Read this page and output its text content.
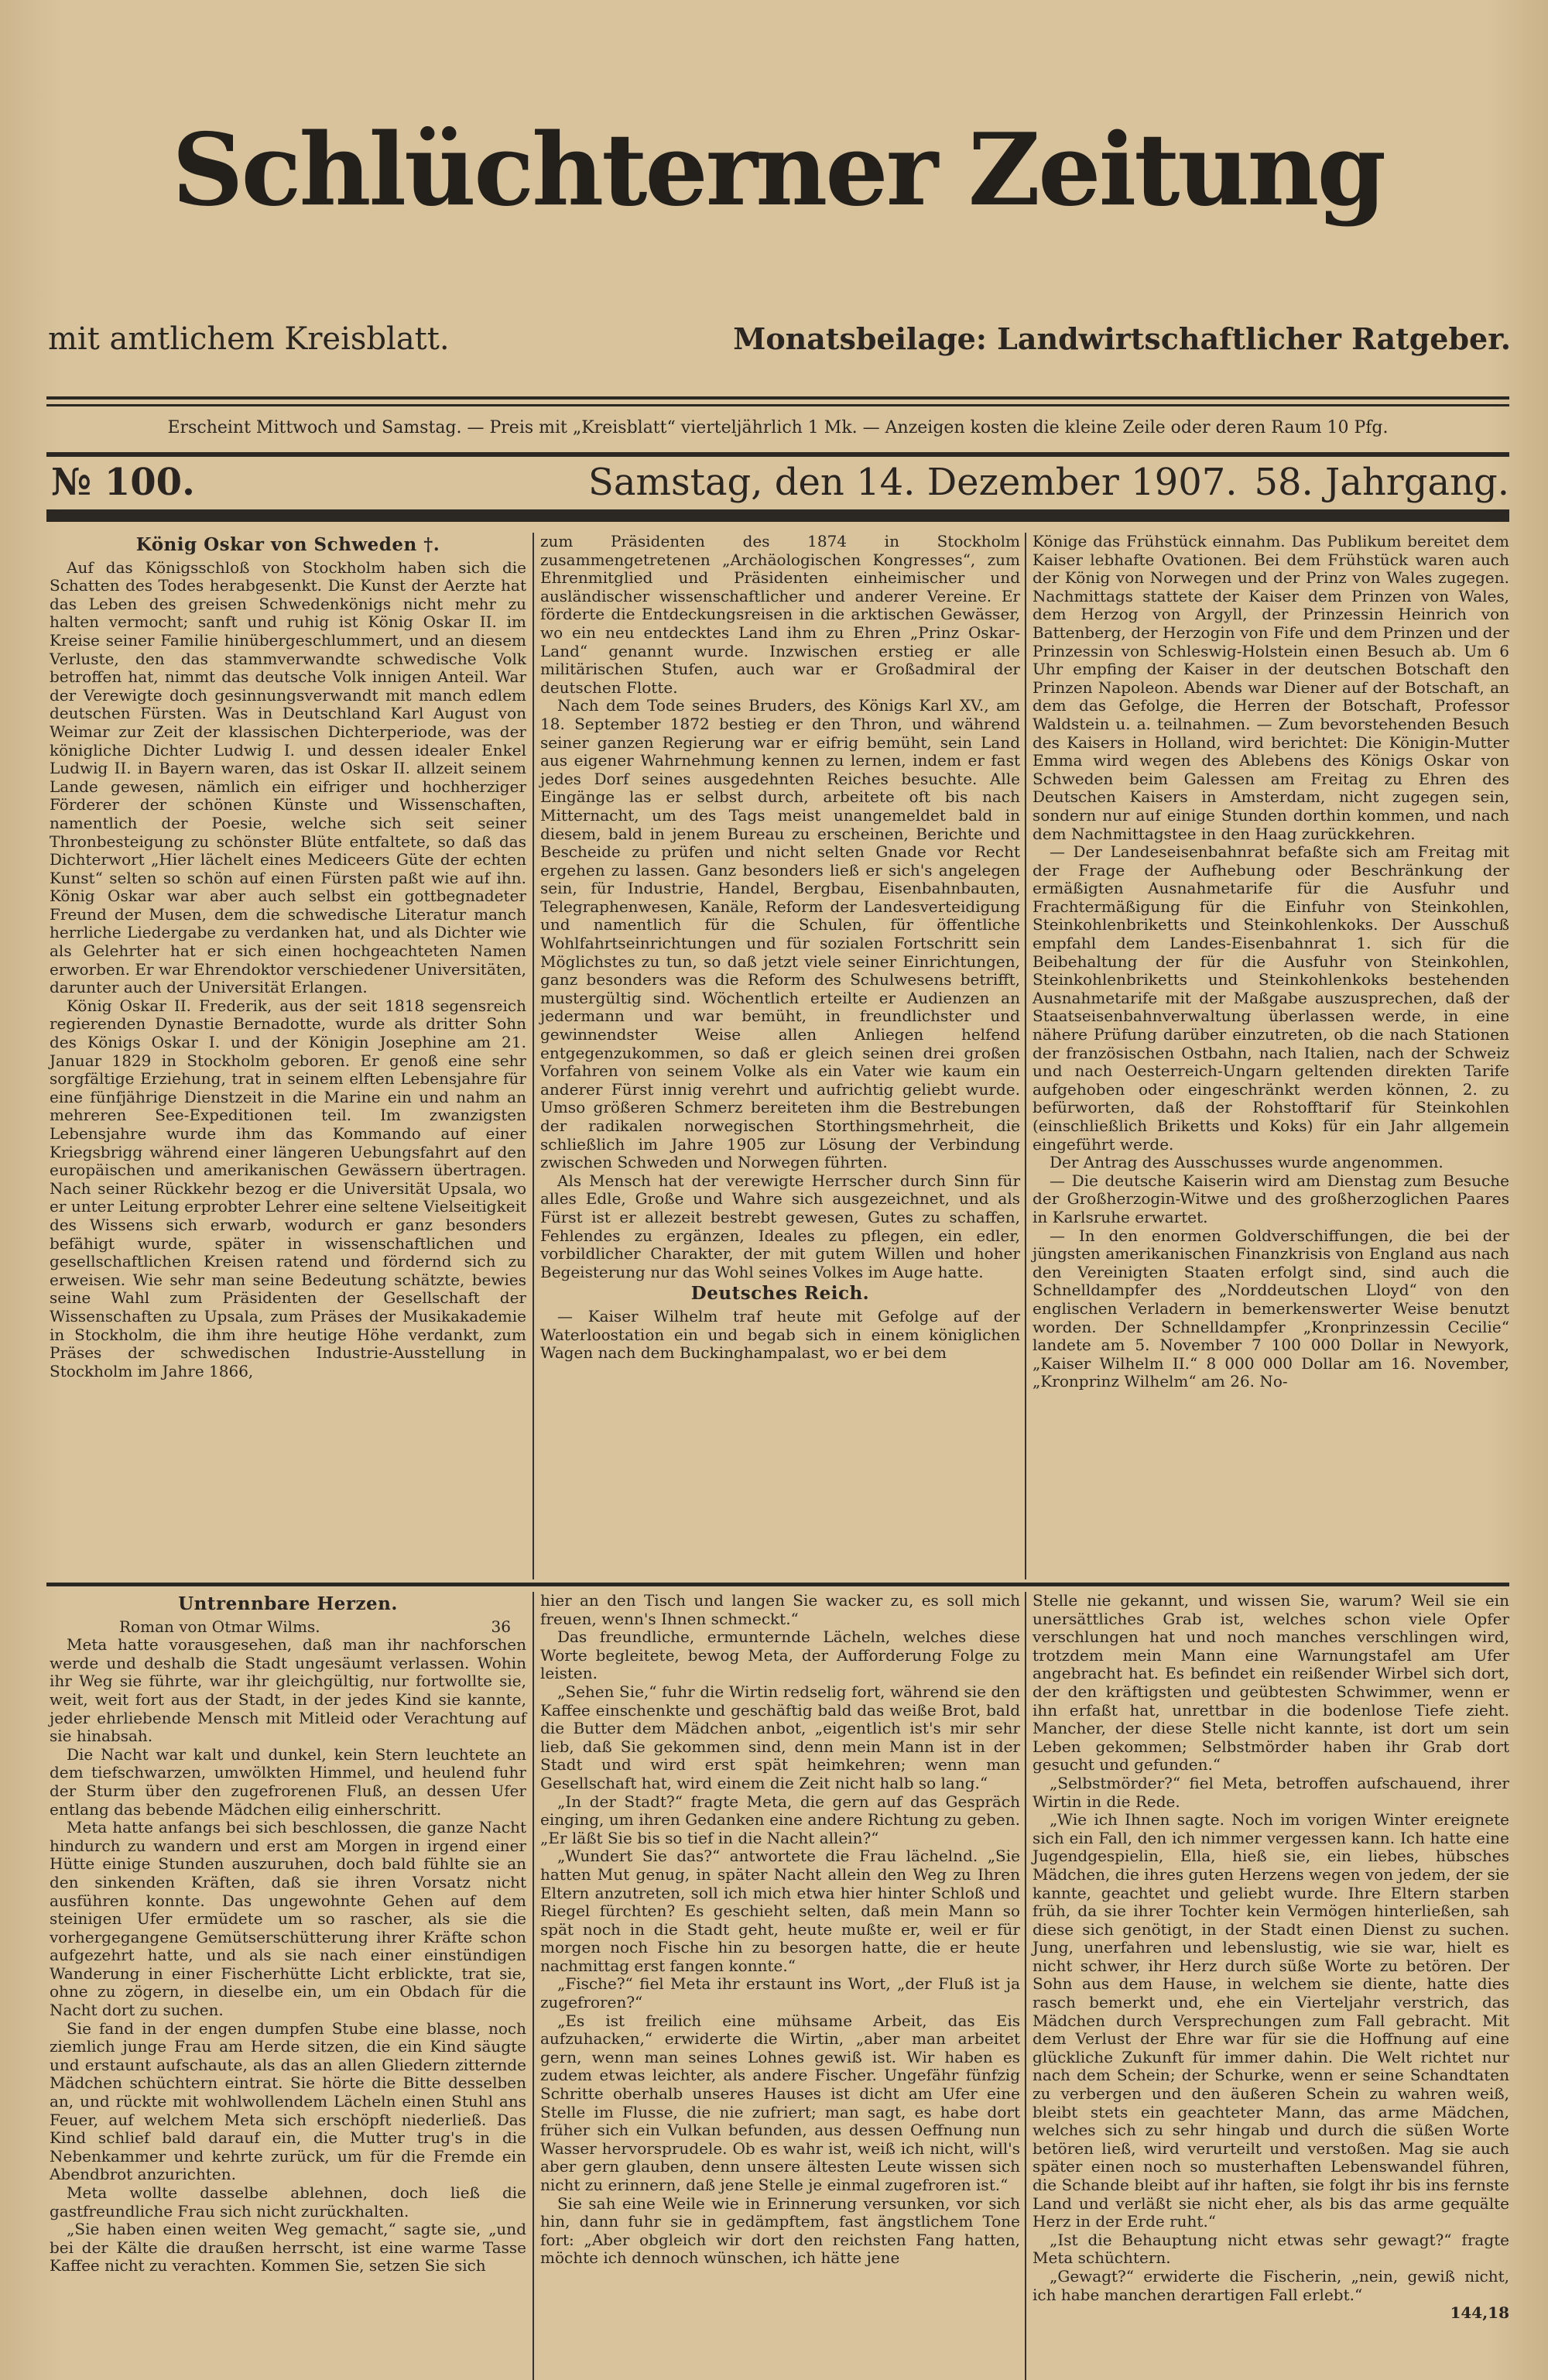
Schlüchterner Zeitung
mit amtlichem Kreisblatt.	Monatsbeilage: Landwirtschaftlicher Ratgeber.
Erscheint Mittwoch und Samstag. — Preis mit „Kreisblatt“ vierteljährlich 1 Mk. — Anzeigen kosten die kleine Zeile oder deren Raum 10 Pfg.
№ 100.	Samstag, den 14. Dezember 1907. 58. Jahrgang.
König Oskar von Schweden †.

Auf das Königsschloß von Stockholm haben sich die Schatten des Todes herabgesenkt. Die Kunst der Aerzte hat das Leben des greisen Schwedenkönigs nicht mehr zu halten vermocht; sanft und ruhig ist König Oskar II. im Kreise seiner Familie hinübergeschlummert, und an diesem Verluste, den das stammverwandte schwedische Volk betroffen hat, nimmt das deutsche Volk innigen Anteil. War der Verewigte doch gesinnungsverwandt mit manch edlem deutschen Fürsten. Was in Deutschland Karl August von Weimar zur Zeit der klassischen Dichterperiode, was der königliche Dichter Ludwig I. und dessen idealer Enkel Ludwig II. in Bayern waren, das ist Oskar II. allzeit seinem Lande gewesen, nämlich ein eifriger und hochherziger Förderer der schönen Künste und Wissenschaften, namentlich der Poesie, welche sich seit seiner Thronbesteigung zu schönster Blüte entfaltete, so daß das Dichterwort „Hier lächelt eines Mediceers Güte der echten Kunst“ selten so schön auf einen Fürsten paßt wie auf ihn. König Oskar war aber auch selbst ein gottbegnadeter Freund der Musen, dem die schwedische Literatur manch herrliche Liedergabe zu verdanken hat, und als Dichter wie als Gelehrter hat er sich einen hochgeachteten Namen erworben. Er war Ehrendoktor verschiedener Universitäten, darunter auch der Universität Erlangen.

König Oskar II. Frederik, aus der seit 1818 segensreich regierenden Dynastie Bernadotte, wurde als dritter Sohn des Königs Oskar I. und der Königin Josephine am 21. Januar 1829 in Stockholm geboren. Er genoß eine sehr sorgfältige Erziehung, trat in seinem elften Lebensjahre für eine fünfjährige Dienstzeit in die Marine ein und nahm an mehreren See-Expeditionen teil. Im zwanzigsten Lebensjahre wurde ihm das Kommando auf einer Kriegsbrigg während einer längeren Uebungsfahrt auf den europäischen und amerikanischen Gewässern übertragen. Nach seiner Rückkehr bezog er die Universität Upsala, wo er unter Leitung erprobter Lehrer eine seltene Vielseitigkeit des Wissens sich erwarb, wodurch er ganz besonders befähigt wurde, später in wissenschaftlichen und gesellschaftlichen Kreisen ratend und fördernd sich zu erweisen. Wie sehr man seine Bedeutung schätzte, bewies seine Wahl zum Präsidenten der Gesellschaft der Wissenschaften zu Upsala, zum Präses der Musikakademie in Stockholm, die ihm ihre heutige Höhe verdankt, zum Präses der schwedischen Industrie-Ausstellung in Stockholm im Jahre 1866,

zum Präsidenten des 1874 in Stockholm zusammengetretenen „Archäologischen Kongresses“, zum Ehrenmitglied und Präsidenten einheimischer und ausländischer wissenschaftlicher und anderer Vereine. Er förderte die Entdeckungsreisen in die arktischen Gewässer, wo ein neu entdecktes Land ihm zu Ehren „Prinz Oskar-Land“ genannt wurde. Inzwischen erstieg er alle militärischen Stufen, auch war er Großadmiral der deutschen Flotte.

Nach dem Tode seines Bruders, des Königs Karl XV., am 18. September 1872 bestieg er den Thron, und während seiner ganzen Regierung war er eifrig bemüht, sein Land aus eigener Wahrnehmung kennen zu lernen, indem er fast jedes Dorf seines ausgedehnten Reiches besuchte. Alle Eingänge las er selbst durch, arbeitete oft bis nach Mitternacht, um des Tags meist unangemeldet bald in diesem, bald in jenem Bureau zu erscheinen, Berichte und Bescheide zu prüfen und nicht selten Gnade vor Recht ergehen zu lassen. Ganz besonders ließ er sich's angelegen sein, für Industrie, Handel, Bergbau, Eisenbahnbauten, Telegraphenwesen, Kanäle, Reform der Landesverteidigung und namentlich für die Schulen, für öffentliche Wohlfahrtseinrichtungen und für sozialen Fortschritt sein Möglichstes zu tun, so daß jetzt viele seiner Einrichtungen, ganz besonders was die Reform des Schulwesens betrifft, mustergültig sind. Wöchentlich erteilte er Audienzen an jedermann und war bemüht, in freundlichster und gewinnendster Weise allen Anliegen helfend entgegenzukommen, so daß er gleich seinen drei großen Vorfahren von seinem Volke als ein Vater wie kaum ein anderer Fürst innig verehrt und aufrichtig geliebt wurde. Umso größeren Schmerz bereiteten ihm die Bestrebungen der radikalen norwegischen Storthingsmehrheit, die schließlich im Jahre 1905 zur Lösung der Verbindung zwischen Schweden und Norwegen führten.

Als Mensch hat der verewigte Herrscher durch Sinn für alles Edle, Große und Wahre sich ausgezeichnet, und als Fürst ist er allezeit bestrebt gewesen, Gutes zu schaffen, Fehlendes zu ergänzen, Ideales zu pflegen, ein edler, vorbildlicher Charakter, der mit gutem Willen und hoher Begeisterung nur das Wohl seines Volkes im Auge hatte.

Deutsches Reich.

— Kaiser Wilhelm traf heute mit Gefolge auf der Waterloostation ein und begab sich in einem königlichen Wagen nach dem Buckinghampalast, wo er bei dem

Könige das Frühstück einnahm. Das Publikum bereitet dem Kaiser lebhafte Ovationen. Bei dem Frühstück waren auch der König von Norwegen und der Prinz von Wales zugegen. Nachmittags stattete der Kaiser dem Prinzen von Wales, dem Herzog von Argyll, der Prinzessin Heinrich von Battenberg, der Herzogin von Fife und dem Prinzen und der Prinzessin von Schleswig-Holstein einen Besuch ab. Um 6 Uhr empfing der Kaiser in der deutschen Botschaft den Prinzen Napoleon. Abends war Diener auf der Botschaft, an dem das Gefolge, die Herren der Botschaft, Professor Waldstein u. a. teilnahmen. — Zum bevorstehenden Besuch des Kaisers in Holland, wird berichtet: Die Königin-Mutter Emma wird wegen des Ablebens des Königs Oskar von Schweden beim Galessen am Freitag zu Ehren des Deutschen Kaisers in Amsterdam, nicht zugegen sein, sondern nur auf einige Stunden dorthin kommen, und nach dem Nachmittagstee in den Haag zurückkehren.

— Der Landeseisenbahnrat befaßte sich am Freitag mit der Frage der Aufhebung oder Beschränkung der ermäßigten Ausnahmetarife für die Ausfuhr und Frachtermäßigung für die Einfuhr von Steinkohlen, Steinkohlenbriketts und Steinkohlenkoks. Der Ausschuß empfahl dem Landes-Eisenbahnrat 1. sich für die Beibehaltung der für die Ausfuhr von Steinkohlen, Steinkohlenbriketts und Steinkohlenkoks bestehenden Ausnahmetarife mit der Maßgabe auszusprechen, daß der Staatseisenbahnverwaltung überlassen werde, in eine nähere Prüfung darüber einzutreten, ob die nach Stationen der französischen Ostbahn, nach Italien, nach der Schweiz und nach Oesterreich-Ungarn geltenden direkten Tarife aufgehoben oder eingeschränkt werden können, 2. zu befürworten, daß der Rohstofftarif für Steinkohlen (einschließlich Briketts und Koks) für ein Jahr allgemein eingeführt werde.

Der Antrag des Ausschusses wurde angenommen.

— Die deutsche Kaiserin wird am Dienstag zum Besuche der Großherzogin-Witwe und des großherzoglichen Paares in Karlsruhe erwartet.

— In den enormen Goldverschiffungen, die bei der jüngsten amerikanischen Finanzkrisis von England aus nach den Vereinigten Staaten erfolgt sind, sind auch die Schnelldampfer des „Norddeutschen Lloyd“ von den englischen Verladern in bemerkenswerter Weise benutzt worden. Der Schnelldampfer „Kronprinzessin Cecilie“ landete am 5. November 7 100 000 Dollar in Newyork, „Kaiser Wilhelm II.“ 8 000 000 Dollar am 16. November, „Kronprinz Wilhelm“ am 26. No-

Untrennbare Herzen.
Roman von Otmar Wilms.	36

Meta hatte vorausgesehen, daß man ihr nachforschen werde und deshalb die Stadt ungesäumt verlassen. Wohin ihr Weg sie führte, war ihr gleichgültig, nur fortwollte sie, weit, weit fort aus der Stadt, in der jedes Kind sie kannte, jeder ehrliebende Mensch mit Mitleid oder Verachtung auf sie hinabsah.

Die Nacht war kalt und dunkel, kein Stern leuchtete an dem tiefschwarzen, umwölkten Himmel, und heulend fuhr der Sturm über den zugefrorenen Fluß, an dessen Ufer entlang das bebende Mädchen eilig einherschritt.

Meta hatte anfangs bei sich beschlossen, die ganze Nacht hindurch zu wandern und erst am Morgen in irgend einer Hütte einige Stunden auszuruhen, doch bald fühlte sie an den sinkenden Kräften, daß sie ihren Vorsatz nicht ausführen konnte. Das ungewohnte Gehen auf dem steinigen Ufer ermüdete um so rascher, als sie die vorhergegangene Gemütserschütterung ihrer Kräfte schon aufgezehrt hatte, und als sie nach einer einstündigen Wanderung in einer Fischerhütte Licht erblickte, trat sie, ohne zu zögern, in dieselbe ein, um ein Obdach für die Nacht dort zu suchen.

Sie fand in der engen dumpfen Stube eine blasse, noch ziemlich junge Frau am Herde sitzen, die ein Kind säugte und erstaunt aufschaute, als das an allen Gliedern zitternde Mädchen schüchtern eintrat. Sie hörte die Bitte desselben an, und rückte mit wohlwollendem Lächeln einen Stuhl ans Feuer, auf welchem Meta sich erschöpft niederließ. Das Kind schlief bald darauf ein, die Mutter trug's in die Nebenkammer und kehrte zurück, um für die Fremde ein Abendbrot anzurichten.

Meta wollte dasselbe ablehnen, doch ließ die gastfreundliche Frau sich nicht zurückhalten.

„Sie haben einen weiten Weg gemacht,“ sagte sie, „und bei der Kälte die draußen herrscht, ist eine warme Tasse Kaffee nicht zu verachten. Kommen Sie, setzen Sie sich

hier an den Tisch und langen Sie wacker zu, es soll mich freuen, wenn's Ihnen schmeckt.“

Das freundliche, ermunternde Lächeln, welches diese Worte begleitete, bewog Meta, der Aufforderung Folge zu leisten.

„Sehen Sie,“ fuhr die Wirtin redselig fort, während sie den Kaffee einschenkte und geschäftig bald das weiße Brot, bald die Butter dem Mädchen anbot, „eigentlich ist's mir sehr lieb, daß Sie gekommen sind, denn mein Mann ist in der Stadt und wird erst spät heimkehren; wenn man Gesellschaft hat, wird einem die Zeit nicht halb so lang.“

„In der Stadt?“ fragte Meta, die gern auf das Gespräch einging, um ihren Gedanken eine andere Richtung zu geben. „Er läßt Sie bis so tief in die Nacht allein?“

„Wundert Sie das?“ antwortete die Frau lächelnd. „Sie hatten Mut genug, in später Nacht allein den Weg zu Ihren Eltern anzutreten, soll ich mich etwa hier hinter Schloß und Riegel fürchten? Es geschieht selten, daß mein Mann so spät noch in die Stadt geht, heute mußte er, weil er für morgen noch Fische hin zu besorgen hatte, die er heute nachmittag erst fangen konnte.“

„Fische?“ fiel Meta ihr erstaunt ins Wort, „der Fluß ist ja zugefroren?“

„Es ist freilich eine mühsame Arbeit, das Eis aufzuhacken,“ erwiderte die Wirtin, „aber man arbeitet gern, wenn man seines Lohnes gewiß ist. Wir haben es zudem etwas leichter, als andere Fischer. Ungefähr fünfzig Schritte oberhalb unseres Hauses ist dicht am Ufer eine Stelle im Flusse, die nie zufriert; man sagt, es habe dort früher sich ein Vulkan befunden, aus dessen Oeffnung nun Wasser hervorsprudele. Ob es wahr ist, weiß ich nicht, will's aber gern glauben, denn unsere ältesten Leute wissen sich nicht zu erinnern, daß jene Stelle je einmal zugefroren ist.“

Sie sah eine Weile wie in Erinnerung versunken, vor sich hin, dann fuhr sie in gedämpftem, fast ängstlichem Tone fort: „Aber obgleich wir dort den reichsten Fang hatten, möchte ich dennoch wünschen, ich hätte jene

Stelle nie gekannt, und wissen Sie, warum? Weil sie ein unersättliches Grab ist, welches schon viele Opfer verschlungen hat und noch manches verschlingen wird, trotzdem mein Mann eine Warnungstafel am Ufer angebracht hat. Es befindet ein reißender Wirbel sich dort, der den kräftigsten und geübtesten Schwimmer, wenn er ihn erfaßt hat, unrettbar in die bodenlose Tiefe zieht. Mancher, der diese Stelle nicht kannte, ist dort um sein Leben gekommen; Selbstmörder haben ihr Grab dort gesucht und gefunden.“

„Selbstmörder?“ fiel Meta, betroffen aufschauend, ihrer Wirtin in die Rede.

„Wie ich Ihnen sagte. Noch im vorigen Winter ereignete sich ein Fall, den ich nimmer vergessen kann. Ich hatte eine Jugendgespielin, Ella, hieß sie, ein liebes, hübsches Mädchen, die ihres guten Herzens wegen von jedem, der sie kannte, geachtet und geliebt wurde. Ihre Eltern starben früh, da sie ihrer Tochter kein Vermögen hinterließen, sah diese sich genötigt, in der Stadt einen Dienst zu suchen. Jung, unerfahren und lebenslustig, wie sie war, hielt es nicht schwer, ihr Herz durch süße Worte zu betören. Der Sohn aus dem Hause, in welchem sie diente, hatte dies rasch bemerkt und, ehe ein Vierteljahr verstrich, das Mädchen durch Versprechungen zum Fall gebracht. Mit dem Verlust der Ehre war für sie die Hoffnung auf eine glückliche Zukunft für immer dahin. Die Welt richtet nur nach dem Schein; der Schurke, wenn er seine Schandtaten zu verbergen und den äußeren Schein zu wahren weiß, bleibt stets ein geachteter Mann, das arme Mädchen, welches sich zu sehr hingab und durch die süßen Worte betören ließ, wird verurteilt und verstoßen. Mag sie auch später einen noch so musterhaften Lebenswandel führen, die Schande bleibt auf ihr haften, sie folgt ihr bis ins fernste Land und verläßt sie nicht eher, als bis das arme gequälte Herz in der Erde ruht.“

„Ist die Behauptung nicht etwas sehr gewagt?“ fragte Meta schüchtern.

„Gewagt?“ erwiderte die Fischerin, „nein, gewiß nicht, ich habe manchen derartigen Fall erlebt.“

144,18
